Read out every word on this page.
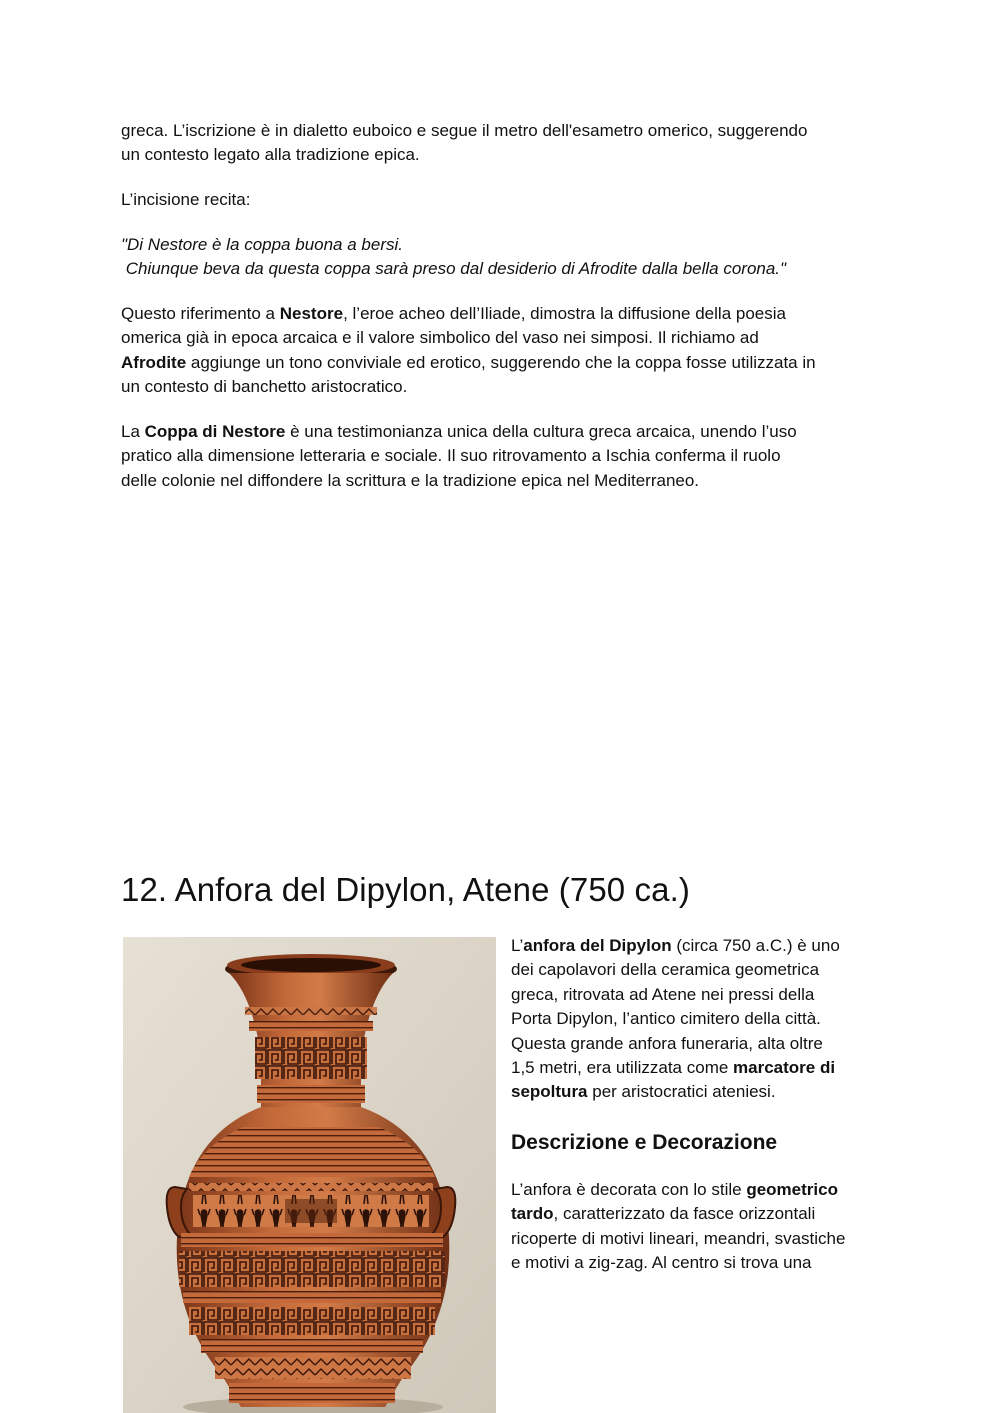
greca. L’iscrizione è in dialetto euboico e segue il metro dell'esametro omerico, suggerendo
un contesto legato alla tradizione epica.

L’incisione recita:

"Di Nestore è la coppa buona a bersi.
Chiunque beva da questa coppa sarà preso dal desiderio di Afrodite dalla bella corona."

Questo riferimento a Nestore, l’eroe acheo dell’Iliade, dimostra la diffusione della poesia
omerica già in epoca arcaica e il valore simbolico del vaso nei simposi. Il richiamo ad
Afrodite aggiunge un tono conviviale ed erotico, suggerendo che la coppa fosse utilizzata in
un contesto di banchetto aristocratico.

La Coppa di Nestore è una testimonianza unica della cultura greca arcaica, unendo l’uso
pratico alla dimensione letteraria e sociale. Il suo ritrovamento a Ischia conferma il ruolo
delle colonie nel diffondere la scrittura e la tradizione epica nel Mediterraneo.

12. Anfora del Dipylon, Atene (750 ca.)

L’anfora del Dipylon (circa 750 a.C.) è uno
dei capolavori della ceramica geometrica
greca, ritrovata ad Atene nei pressi della
Porta Dipylon, l’antico cimitero della città.
Questa grande anfora funeraria, alta oltre
1,5 metri, era utilizzata come marcatore di
sepoltura per aristocratici ateniesi.

Descrizione e Decorazione

L’anfora è decorata con lo stile geometrico
tardo, caratterizzato da fasce orizzontali
ricoperte di motivi lineari, meandri, svastiche
e motivi a zig-zag. Al centro si trova una
